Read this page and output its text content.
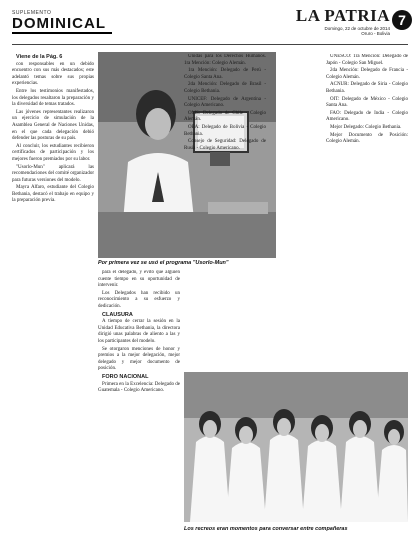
SUPLEMENTO
DOMINICAL	LA PATRIA
Domingo, 22 de octubre de 2014
Oruro - Bolivia
7

Viene de la Pág. 6

con responsables en un debido encuentro con sus más destacados; este adelantó temas sobre sus propias experiencias.

Entre los testimonios manifestados, los delegados resaltaron la preparación y la diversidad de temas tratados.

Las jóvenes representantes realizaron un ejercicio de simulación de la Asamblea General de Naciones Unidas, en el que cada delegación debió defender las posturas de su país.

Al concluir, los estudiantes recibieron certificados de participación y los mejores fueron premiados por su labor.

"Usorlo-Mun" aplicará las recomendaciones del comité organizador para futuras versiones del modelo.

Mayra Alfaro, estudiante del Colegio Bethania, destacó el trabajo en equipo y la preparación previa.

Por primera vez se usó el programa "Usorlo-Mun"

para el delegado, y evitó que alguien cuente tiempo en su oportunidad de intervenir.

Los Delegados han recibido un reconocimiento a su esfuerzo y dedicación.

CLAUSURA

A tiempo de cerrar la sesión en la Unidad Educativa Bethania, la directora dirigió unas palabras de aliento a las y los participantes del modelo.

Se otorgaron menciones de honor y premios a la mejor delegación, mejor delegado y mejor documento de posición.

FORO NACIONAL

Primera en la Excelencia: Delegado de Guatemala - Colegio Americano.

Unidas para los Derechos Humanos. 1ra Mención: Colegio Alemán.

1ra Mención: Delegado de Perú - Colegio Santa Ana.

2da Mención: Delegado de Brasil - Colegio Bethania.

UNICEF: Delegado de Argentina - Colegio Americano.

OMS: Delegado de Chile - Colegio Alemán.

OEA: Delegado de Bolivia - Colegio Bethania.

Consejo de Seguridad: Delegado de Rusia - Colegio Americano.

UNESCO: 1ra Mención: Delegado de Japón - Colegio San Miguel.

2da Mención: Delegado de Francia - Colegio Alemán.

ACNUR: Delegado de Siria - Colegio Bethania.

OIT: Delegado de México - Colegio Santa Ana.

FAO: Delegado de India - Colegio Americano.

Mejor Delegado: Colegio Bethania.

Mejor Documento de Posición: Colegio Alemán.

Los recreos eran momentos para conversar entre compañeras
